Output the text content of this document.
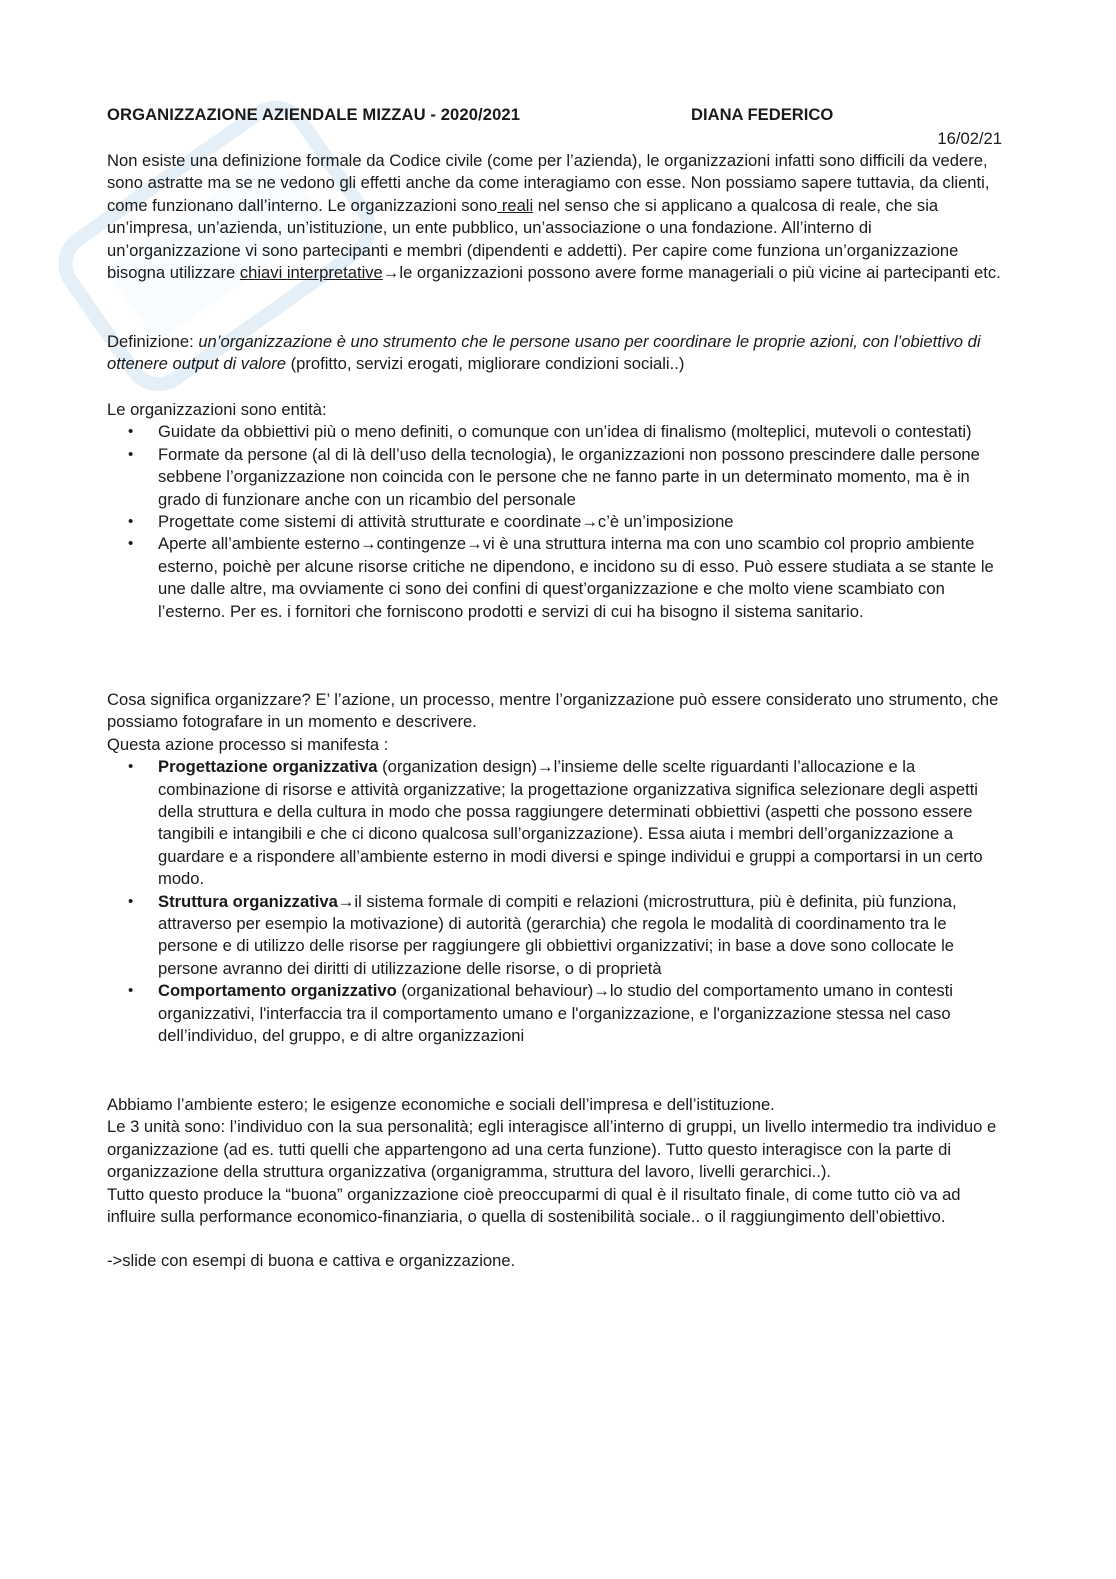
ORGANIZZAZIONE AZIENDALE MIZZAU - 2020/2021	DIANA FEDERICO
16/02/21

Non esiste una definizione formale da Codice civile (come per l’azienda), le organizzazioni infatti sono difficili da vedere, sono astratte ma se ne vedono gli effetti anche da come interagiamo con esse. Non possiamo sapere tuttavia, da clienti, come funzionano dall’interno. Le organizzazioni sono reali nel senso che si applicano a qualcosa di reale, che sia un’impresa, un’azienda, un’istituzione, un ente pubblico, un’associazione o una fondazione. All’interno di un’organizzazione vi sono partecipanti e membri (dipendenti e addetti). Per capire come funziona un’organizzazione bisogna utilizzare chiavi interpretative→le organizzazioni possono avere forme manageriali o più vicine ai partecipanti etc.

Definizione: un’organizzazione è uno strumento che le persone usano per coordinare le proprie azioni, con l’obiettivo di ottenere output di valore (profitto, servizi erogati, migliorare condizioni sociali..)

Le organizzazioni sono entità:

• Guidate da obbiettivi più o meno definiti, o comunque con un’idea di finalismo (molteplici, mutevoli o contestati)
• Formate da persone (al di là dell’uso della tecnologia), le organizzazioni non possono prescindere dalle persone sebbene l’organizzazione non coincida con le persone che ne fanno parte in un determinato momento, ma è in grado di funzionare anche con un ricambio del personale
• Progettate come sistemi di attività strutturate e coordinate→c’è un’imposizione
• Aperte all’ambiente esterno→contingenze→vi è una struttura interna ma con uno scambio col proprio ambiente esterno, poichè per alcune risorse critiche ne dipendono, e incidono su di esso. Può essere studiata a se stante le une dalle altre, ma ovviamente ci sono dei confini di quest’organizzazione e che molto viene scambiato con l’esterno. Per es. i fornitori che forniscono prodotti e servizi di cui ha bisogno il sistema sanitario.

Cosa significa organizzare? E’ l’azione, un processo, mentre l’organizzazione può essere considerato uno strumento, che possiamo fotografare in un momento e descrivere.

Questa azione processo si manifesta :

• Progettazione organizzativa (organization design)→l’insieme delle scelte riguardanti l’allocazione e la combinazione di risorse e attività organizzative; la progettazione organizzativa significa selezionare degli aspetti della struttura e della cultura in modo che possa raggiungere determinati obbiettivi (aspetti che possono essere tangibili e intangibili e che ci dicono qualcosa sull’organizzazione). Essa aiuta i membri dell’organizzazione a guardare e a rispondere all’ambiente esterno in modi diversi e spinge individui e gruppi a comportarsi in un certo modo.
• Struttura organizzativa→il sistema formale di compiti e relazioni (microstruttura, più è definita, più funziona, attraverso per esempio la motivazione) di autorità (gerarchia) che regola le modalità di coordinamento tra le persone e di utilizzo delle risorse per raggiungere gli obbiettivi organizzativi; in base a dove sono collocate le persone avranno dei diritti di utilizzazione delle risorse, o di proprietà
• Comportamento organizzativo (organizational behaviour)→lo studio del comportamento umano in contesti organizzativi, l'interfaccia tra il comportamento umano e l'organizzazione, e l'organizzazione stessa nel caso dell’individuo, del gruppo, e di altre organizzazioni

Abbiamo l’ambiente estero; le esigenze economiche e sociali dell’impresa e dell’istituzione.

Le 3 unità sono: l’individuo con la sua personalità; egli interagisce all’interno di gruppi, un livello intermedio tra individuo e organizzazione (ad es. tutti quelli che appartengono ad una certa funzione). Tutto questo interagisce con la parte di organizzazione della struttura organizzativa (organigramma, struttura del lavoro, livelli gerarchici..).

Tutto questo produce la “buona” organizzazione cioè preoccuparmi di qual è il risultato finale, di come tutto ciò va ad influire sulla performance economico-finanziaria, o quella di sostenibilità sociale.. o il raggiungimento dell’obiettivo.

->slide con esempi di buona e cattiva e organizzazione.
